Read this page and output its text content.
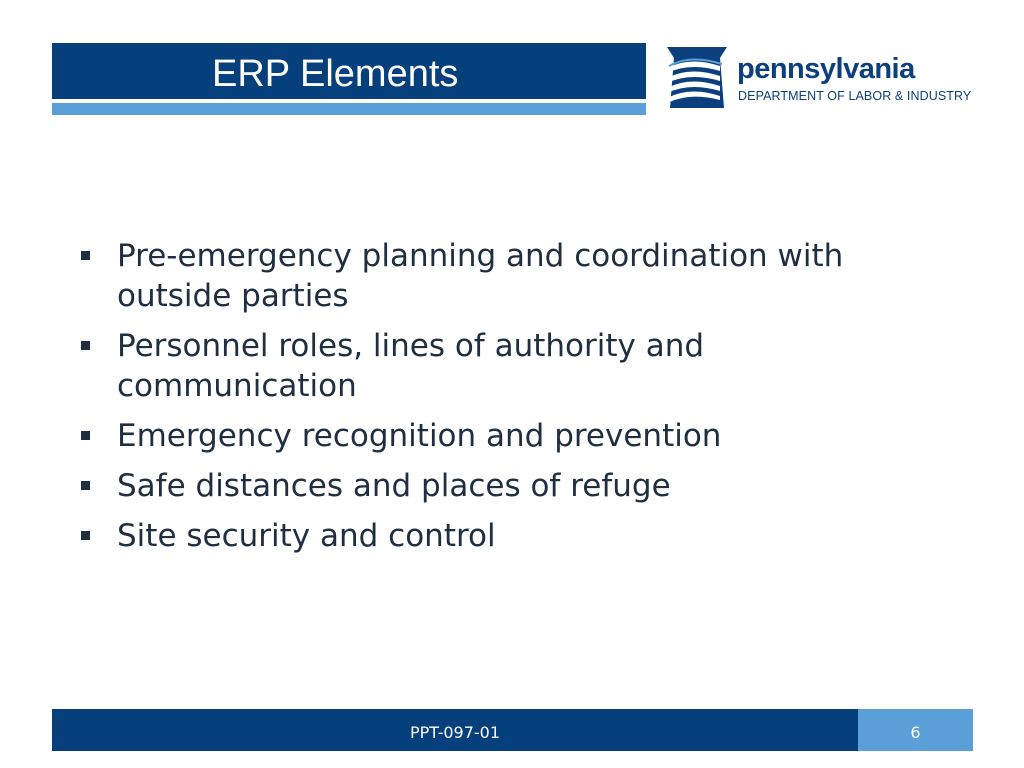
ERP Elements	pennsylvania
DEPARTMENT OF LABOR & INDUSTRY
Pre-emergency planning and coordination with outside parties
Personnel roles, lines of authority and communication
Emergency recognition and prevention
Safe distances and places of refuge
Site security and control
PPT-097-01	6
